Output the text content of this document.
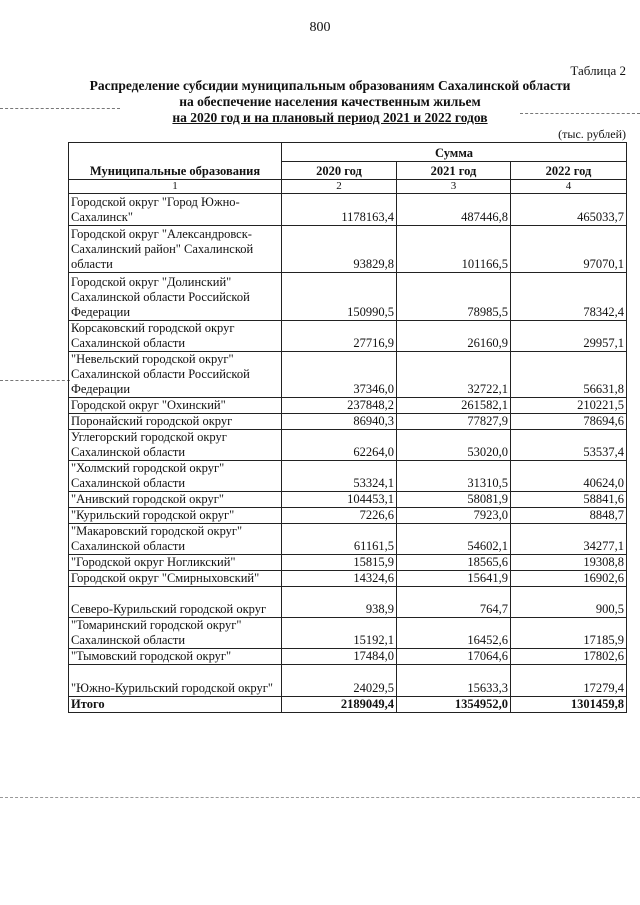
800
Таблица 2
Распределение субсидии муниципальным образованиям Сахалинской области
на обеспечение населения качественным жильем
на 2020 год и на плановый период 2021 и 2022 годов
(тыс. рублей)
Муниципальные образования	Сумма		
	2020 год	2021 год	2022 год
1	2	3	4
Городской округ "Город Южно-Сахалинск"	1178163,4	487446,8	465033,7
Городской округ "Александровск-Сахалинский район" Сахалинской области	93829,8	101166,5	97070,1
Городской округ "Долинский" Сахалинской области Российской Федерации	150990,5	78985,5	78342,4
Корсаковский городской округ Сахалинской области	27716,9	26160,9	29957,1
"Невельский городской округ" Сахалинской области Российской Федерации	37346,0	32722,1	56631,8
Городской округ "Охинский"	237848,2	261582,1	210221,5
Поронайский городской округ	86940,3	77827,9	78694,6
Углегорский городской округ Сахалинской области	62264,0	53020,0	53537,4
"Холмский городской округ" Сахалинской области	53324,1	31310,5	40624,0
"Анивский городской округ"	104453,1	58081,9	58841,6
"Курильский городской округ"	7226,6	7923,0	8848,7
"Макаровский городской округ" Сахалинской области	61161,5	54602,1	34277,1
"Городской округ Ногликский"	15815,9	18565,6	19308,8
Городской округ "Смирныховский"	14324,6	15641,9	16902,6
Северо-Курильский городской округ	938,9	764,7	900,5
"Томаринский городской округ" Сахалинской области	15192,1	16452,6	17185,9
"Тымовский городской округ"	17484,0	17064,6	17802,6
"Южно-Курильский городской округ"	24029,5	15633,3	17279,4
Итого	2189049,4	1354952,0	1301459,8
